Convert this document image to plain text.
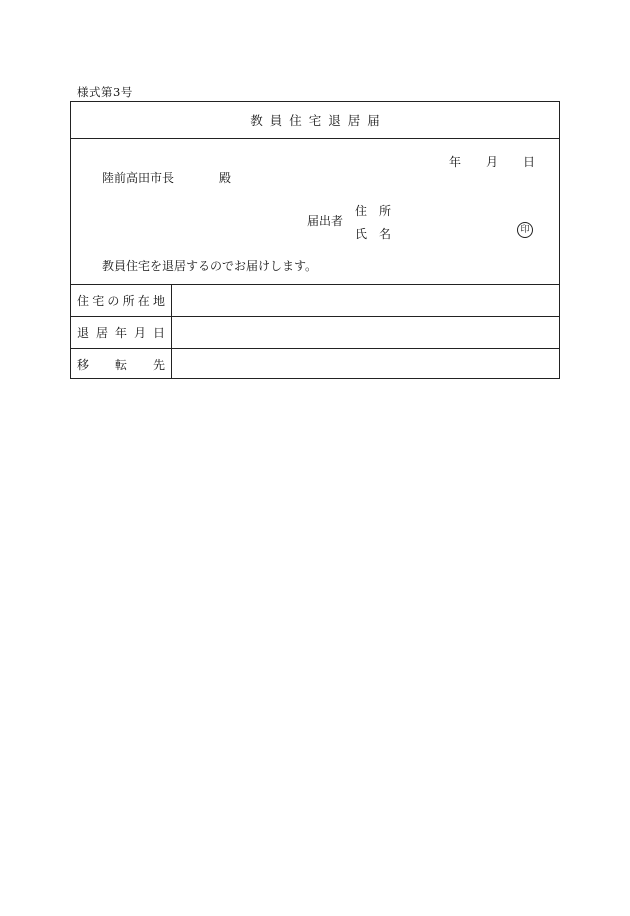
様式第3号
教員住宅退居届
年 月 日
陸前高田市長	殿
届出者
住所
氏名	印
教員住宅を退居するのでお届けします。
住 宅 の 所 在 地
退 居 年 月 日
移 転 先
